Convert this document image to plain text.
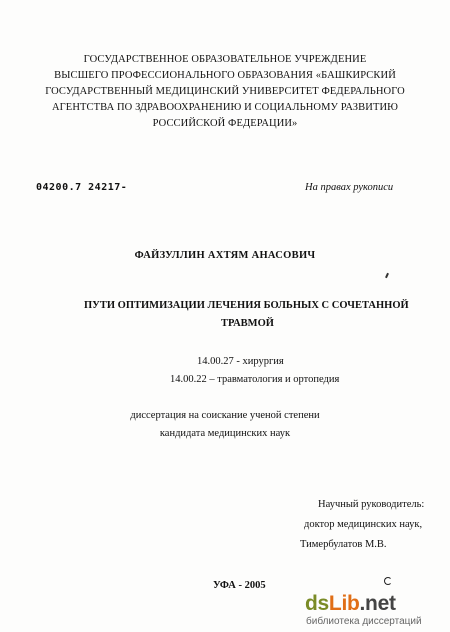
ГОСУДАРСТВЕННОЕ ОБРАЗОВАТЕЛЬНОЕ УЧРЕЖДЕНИЕ
ВЫСШЕГО ПРОФЕССИОНАЛЬНОГО ОБРАЗОВАНИЯ «БАШКИРСКИЙ
ГОСУДАРСТВЕННЫЙ МЕДИЦИНСКИЙ УНИВЕРСИТЕТ ФЕДЕРАЛЬНОГО
АГЕНТСТВА ПО ЗДРАВООХРАНЕНИЮ И СОЦИАЛЬНОМУ РАЗВИТИЮ
РОССИЙСКОЙ ФЕДЕРАЦИИ»
04200.7 24217-	На правах рукописи
ФАЙЗУЛЛИН АХТЯМ АНАСОВИЧ
ПУТИ ОПТИМИЗАЦИИ ЛЕЧЕНИЯ БОЛЬНЫХ С СОЧЕТАННОЙ
ТРАВМОЙ
14.00.27 - хирургия
14.00.22 – травматология и ортопедия
диссертация на соискание ученой степени
кандидата медицинских наук
Научный руководитель:
доктор медицинских наук,
Тимербулатов М.В.
УФА - 2005
dsLib.net
библиотека диссертаций
